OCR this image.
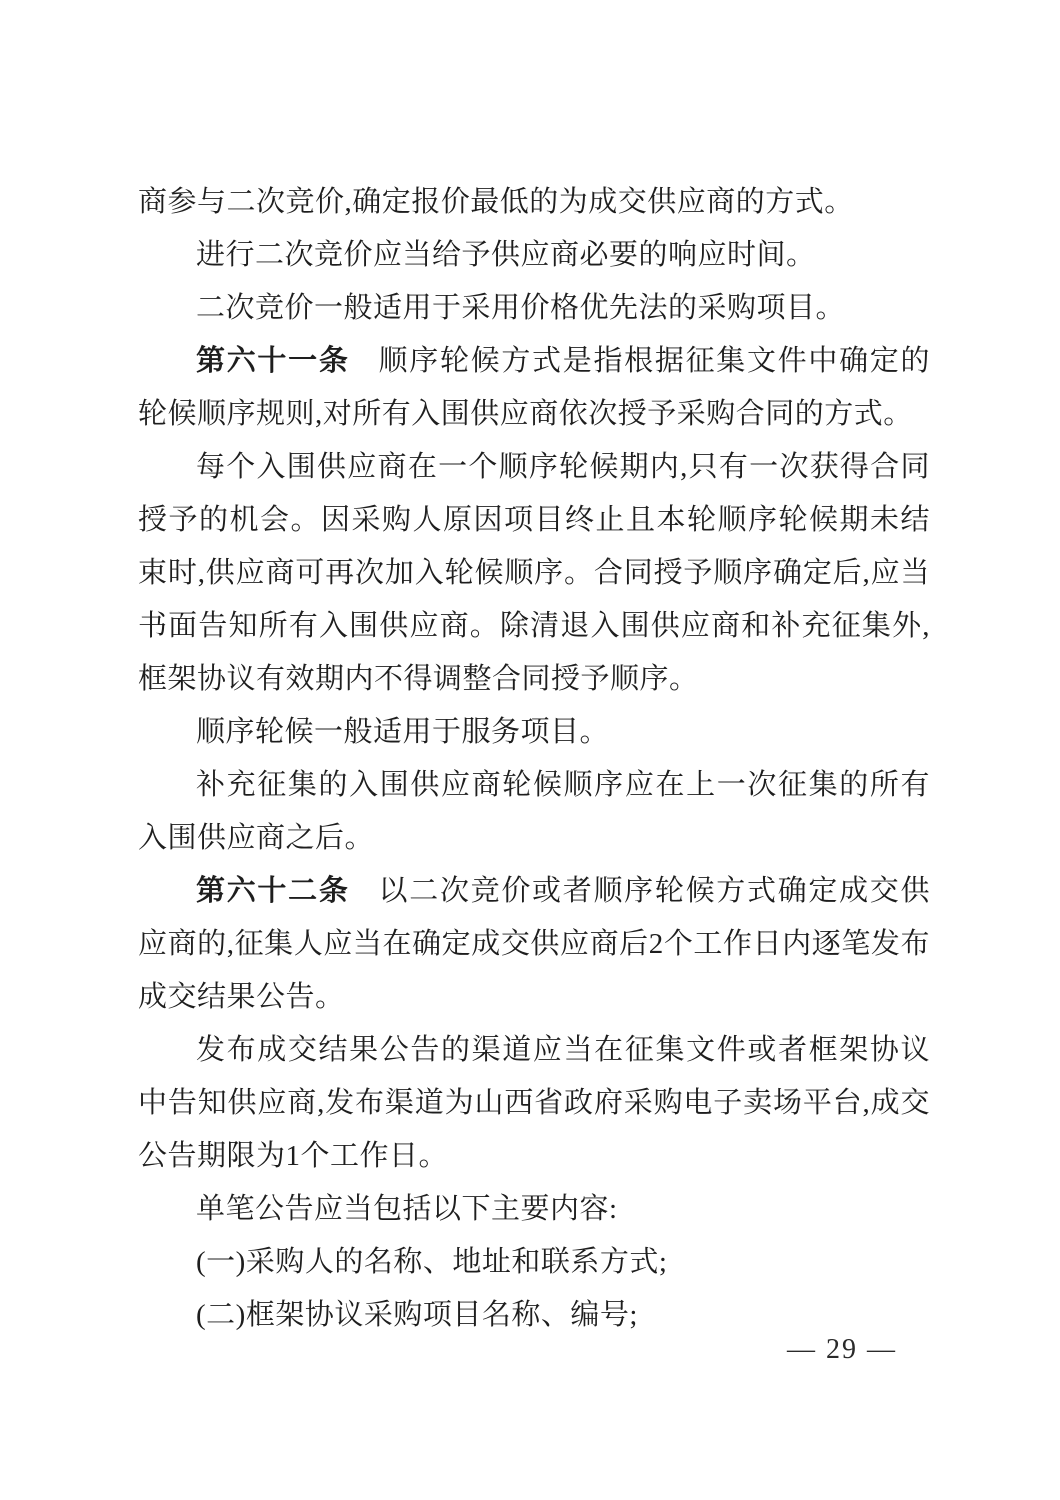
商参与二次竞价,确定报价最低的为成交供应商的方式。

进行二次竞价应当给予供应商必要的响应时间。

二次竞价一般适用于采用价格优先法的采购项目。

第六十一条 顺序轮候方式是指根据征集文件中确定的轮候顺序规则,对所有入围供应商依次授予采购合同的方式。

每个入围供应商在一个顺序轮候期内,只有一次获得合同授予的机会。因采购人原因项目终止且本轮顺序轮候期未结束时,供应商可再次加入轮候顺序。合同授予顺序确定后,应当书面告知所有入围供应商。除清退入围供应商和补充征集外,框架协议有效期内不得调整合同授予顺序。

顺序轮候一般适用于服务项目。

补充征集的入围供应商轮候顺序应在上一次征集的所有入围供应商之后。

第六十二条 以二次竞价或者顺序轮候方式确定成交供应商的,征集人应当在确定成交供应商后2个工作日内逐笔发布成交结果公告。

发布成交结果公告的渠道应当在征集文件或者框架协议中告知供应商,发布渠道为山西省政府采购电子卖场平台,成交公告期限为1个工作日。

单笔公告应当包括以下主要内容:

(一)采购人的名称、地址和联系方式;

(二)框架协议采购项目名称、编号;

— 29 —
